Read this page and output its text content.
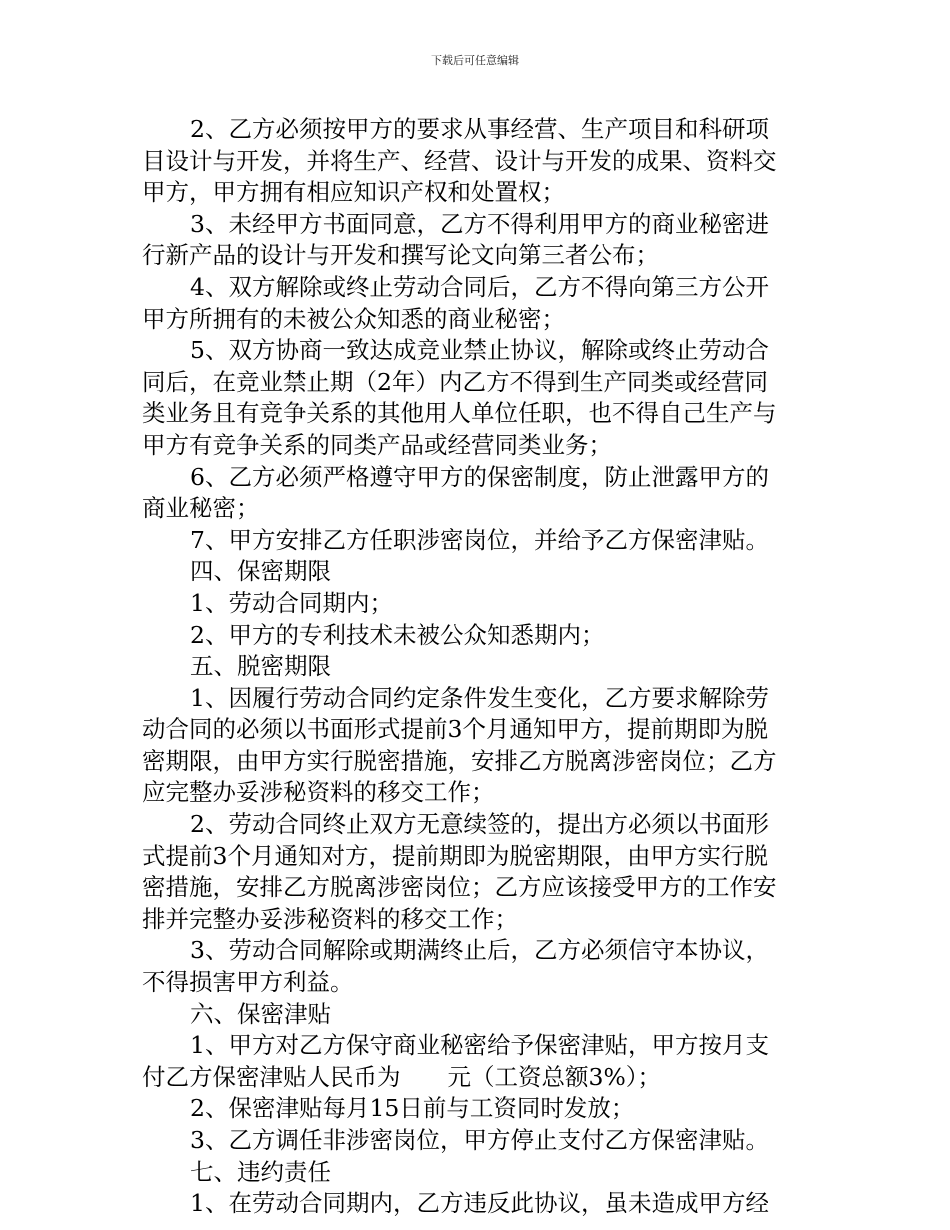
下载后可任意编辑
2、乙方必须按甲方的要求从事经营、生产项目和科研项
目设计与开发，并将生产、经营、设计与开发的成果、资料交
甲方，甲方拥有相应知识产权和处置权；
3、未经甲方书面同意，乙方不得利用甲方的商业秘密进
行新产品的设计与开发和撰写论文向第三者公布；
4、双方解除或终止劳动合同后，乙方不得向第三方公开
甲方所拥有的未被公众知悉的商业秘密；
5、双方协商一致达成竞业禁止协议，解除或终止劳动合
同后，在竞业禁止期（2年）内乙方不得到生产同类或经营同
类业务且有竞争关系的其他用人单位任职，也不得自己生产与
甲方有竞争关系的同类产品或经营同类业务；
6、乙方必须严格遵守甲方的保密制度，防止泄露甲方的
商业秘密；
7、甲方安排乙方任职涉密岗位，并给予乙方保密津贴。
四、保密期限
1、劳动合同期内；
2、甲方的专利技术未被公众知悉期内；
五、脱密期限
1、因履行劳动合同约定条件发生变化，乙方要求解除劳
动合同的必须以书面形式提前3个月通知甲方，提前期即为脱
密期限，由甲方实行脱密措施，安排乙方脱离涉密岗位；乙方
应完整办妥涉秘资料的移交工作；
2、劳动合同终止双方无意续签的，提出方必须以书面形
式提前3个月通知对方，提前期即为脱密期限，由甲方实行脱
密措施，安排乙方脱离涉密岗位；乙方应该接受甲方的工作安
排并完整办妥涉秘资料的移交工作；
3、劳动合同解除或期满终止后，乙方必须信守本协议，
不得损害甲方利益。
六、保密津贴
1、甲方对乙方保守商业秘密给予保密津贴，甲方按月支
付乙方保密津贴人民币为　　元（工资总额3%）；
2、保密津贴每月15日前与工资同时发放；
3、乙方调任非涉密岗位，甲方停止支付乙方保密津贴。
七、违约责任
1、在劳动合同期内，乙方违反此协议，虽未造成甲方经
